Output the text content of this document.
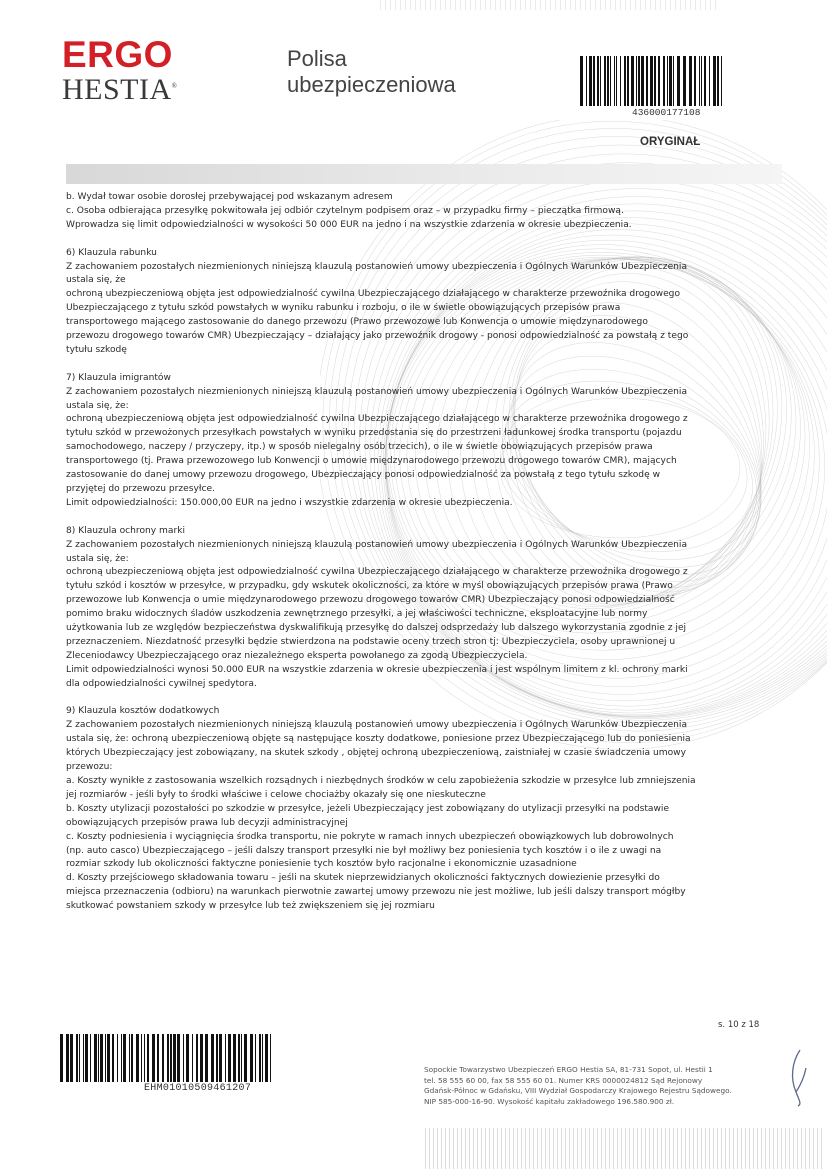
ERGO
HESTIA®
Polisa
ubezpieczeniowa
436000177108
ORYGINAŁ

b. Wydał towar osobie dorosłej przebywającej pod wskazanym adresem

c. Osoba odbierająca przesyłkę pokwitowała jej odbiór czytelnym podpisem oraz – w przypadku firmy – pieczątka firmową.

Wprowadza się limit odpowiedzialności w wysokości 50 000 EUR na jedno i na wszystkie zdarzenia w okresie ubezpieczenia.

6) Klauzula rabunku

Z zachowaniem pozostałych niezmienionych niniejszą klauzulą postanowień umowy ubezpieczenia i Ogólnych Warunków Ubezpieczenia

ustala się, że

ochroną ubezpieczeniową objęta jest odpowiedzialność cywilna Ubezpieczającego działającego w charakterze przewoźnika drogowego

Ubezpieczającego z tytułu szkód powstałych w wyniku rabunku i rozboju, o ile w świetle obowiązujących przepisów prawa

transportowego mającego zastosowanie do danego przewozu (Prawo przewozowe lub Konwencja o umowie międzynarodowego

przewozu drogowego towarów CMR) Ubezpieczający – działający jako przewoźnik drogowy - ponosi odpowiedzialność za powstałą z tego

tytułu szkodę

7) Klauzula imigrantów

Z zachowaniem pozostałych niezmienionych niniejszą klauzulą postanowień umowy ubezpieczenia i Ogólnych Warunków Ubezpieczenia

ustala się, że:

ochroną ubezpieczeniową objęta jest odpowiedzialność cywilna Ubezpieczającego działającego w charakterze przewoźnika drogowego z

tytułu szkód w przewożonych przesyłkach powstałych w wyniku przedostania się do przestrzeni ładunkowej środka transportu (pojazdu

samochodowego, naczepy / przyczepy, itp.) w sposób nielegalny osób trzecich), o ile w świetle obowiązujących przepisów prawa

transportowego (tj. Prawa przewozowego lub Konwencji o umowie międzynarodowego przewozu drogowego towarów CMR), mających

zastosowanie do danej umowy przewozu drogowego, Ubezpieczający ponosi odpowiedzialność za powstałą z tego tytułu szkodę w

przyjętej do przewozu przesyłce.

Limit odpowiedzialności: 150.000,00 EUR na jedno i wszystkie zdarzenia w okresie ubezpieczenia.

8) Klauzula ochrony marki

Z zachowaniem pozostałych niezmienionych niniejszą klauzulą postanowień umowy ubezpieczenia i Ogólnych Warunków Ubezpieczenia

ustala się, że:

ochroną ubezpieczeniową objęta jest odpowiedzialność cywilna Ubezpieczającego działającego w charakterze przewoźnika drogowego z

tytułu szkód i kosztów w przesyłce, w przypadku, gdy wskutek okoliczności, za które w myśl obowiązujących przepisów prawa (Prawo

przewozowe lub Konwencja o umie międzynarodowego przewozu drogowego towarów CMR) Ubezpieczający ponosi odpowiedzialność

pomimo braku widocznych śladów uszkodzenia zewnętrznego przesyłki, a jej właściwości techniczne, eksploatacyjne lub normy

użytkowania lub ze względów bezpieczeństwa dyskwalifikują przesyłkę do dalszej odsprzedaży lub dalszego wykorzystania zgodnie z jej

przeznaczeniem. Niezdatność przesyłki będzie stwierdzona na podstawie oceny trzech stron tj: Ubezpieczyciela, osoby uprawnionej u

Zleceniodawcy Ubezpieczającego oraz niezależnego eksperta powołanego za zgodą Ubezpieczyciela.

Limit odpowiedzialności wynosi 50.000 EUR na wszystkie zdarzenia w okresie ubezpieczenia i jest wspólnym limitem z kl. ochrony marki

dla odpowiedzialności cywilnej spedytora.

9) Klauzula kosztów dodatkowych

Z zachowaniem pozostałych niezmienionych niniejszą klauzulą postanowień umowy ubezpieczenia i Ogólnych Warunków Ubezpieczenia

ustala się, że: ochroną ubezpieczeniową objęte są następujące koszty dodatkowe, poniesione przez Ubezpieczającego lub do poniesienia

których Ubezpieczający jest zobowiązany, na skutek szkody , objętej ochroną ubezpieczeniową, zaistniałej w czasie świadczenia umowy

przewozu:

a. Koszty wynikłe z zastosowania wszelkich rozsądnych i niezbędnych środków w celu zapobieżenia szkodzie w przesyłce lub zmniejszenia

jej rozmiarów - jeśli były to środki właściwe i celowe chociażby okazały się one nieskuteczne

b. Koszty utylizacji pozostałości po szkodzie w przesyłce, jeżeli Ubezpieczający jest zobowiązany do utylizacji przesyłki na podstawie

obowiązujących przepisów prawa lub decyzji administracyjnej

c. Koszty podniesienia i wyciągnięcia środka transportu, nie pokryte w ramach innych ubezpieczeń obowiązkowych lub dobrowolnych

(np. auto casco) Ubezpieczającego – jeśli dalszy transport przesyłki nie był możliwy bez poniesienia tych kosztów i o ile z uwagi na

rozmiar szkody lub okoliczności faktyczne poniesienie tych kosztów było racjonalne i ekonomicznie uzasadnione

d. Koszty przejściowego składowania towaru – jeśli na skutek nieprzewidzianych okoliczności faktycznych dowiezienie przesyłki do

miejsca przeznaczenia (odbioru) na warunkach pierwotnie zawartej umowy przewozu nie jest możliwe, lub jeśli dalszy transport mógłby

skutkować powstaniem szkody w przesyłce lub też zwiększeniem się jej rozmiaru

s. 10 z 18
EHM01010509461207

Sopockie Towarzystwo Ubezpieczeń ERGO Hestia SA, 81-731 Sopot, ul. Hestii 1

tel. 58 555 60 00, fax 58 555 60 01. Numer KRS 0000024812 Sąd Rejonowy

Gdańsk-Północ w Gdańsku, VIII Wydział Gospodarczy Krajowego Rejestru Sądowego.

NIP 585-000-16-90. Wysokość kapitału zakładowego 196.580.900 zł.
